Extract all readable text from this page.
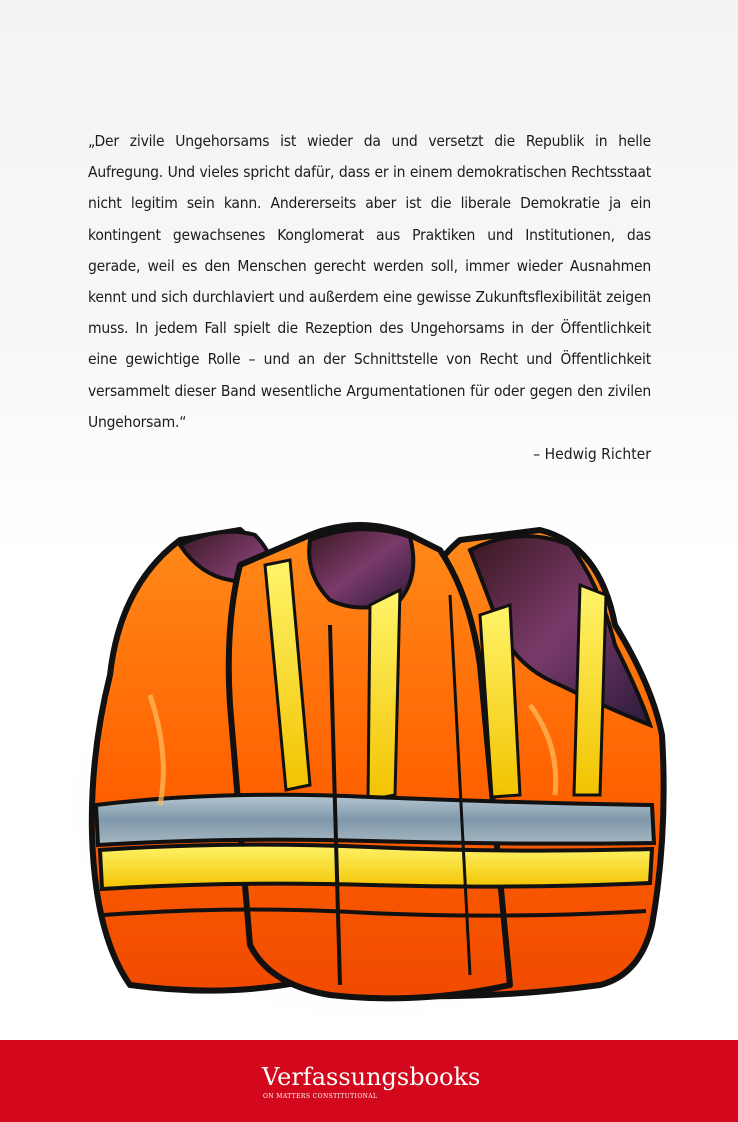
„Der zivile Ungehorsams ist wieder da und versetzt die Republik in helle Aufregung. Und vieles spricht dafür, dass er in einem demokratischen Rechtsstaat nicht legitim sein kann. Andererseits aber ist die liberale Demokratie ja ein kontingent gewachsenes Konglomerat aus Praktiken und Institutionen, das gerade, weil es den Menschen gerecht werden soll, immer wieder Ausnahmen kennt und sich durchlaviert und außerdem eine gewisse Zukunftsflexibilität zeigen muss. In jedem Fall spielt die Rezeption des Ungehorsams in der Öffentlichkeit eine gewichtige Rolle – und an der Schnittstelle von Recht und Öffentlichkeit versammelt dieser Band wesentliche Argumentationen für oder gegen den zivilen Ungehorsam.“

– Hedwig Richter
Verfassungsbooks
ON MATTERS CONSTITUTIONAL
